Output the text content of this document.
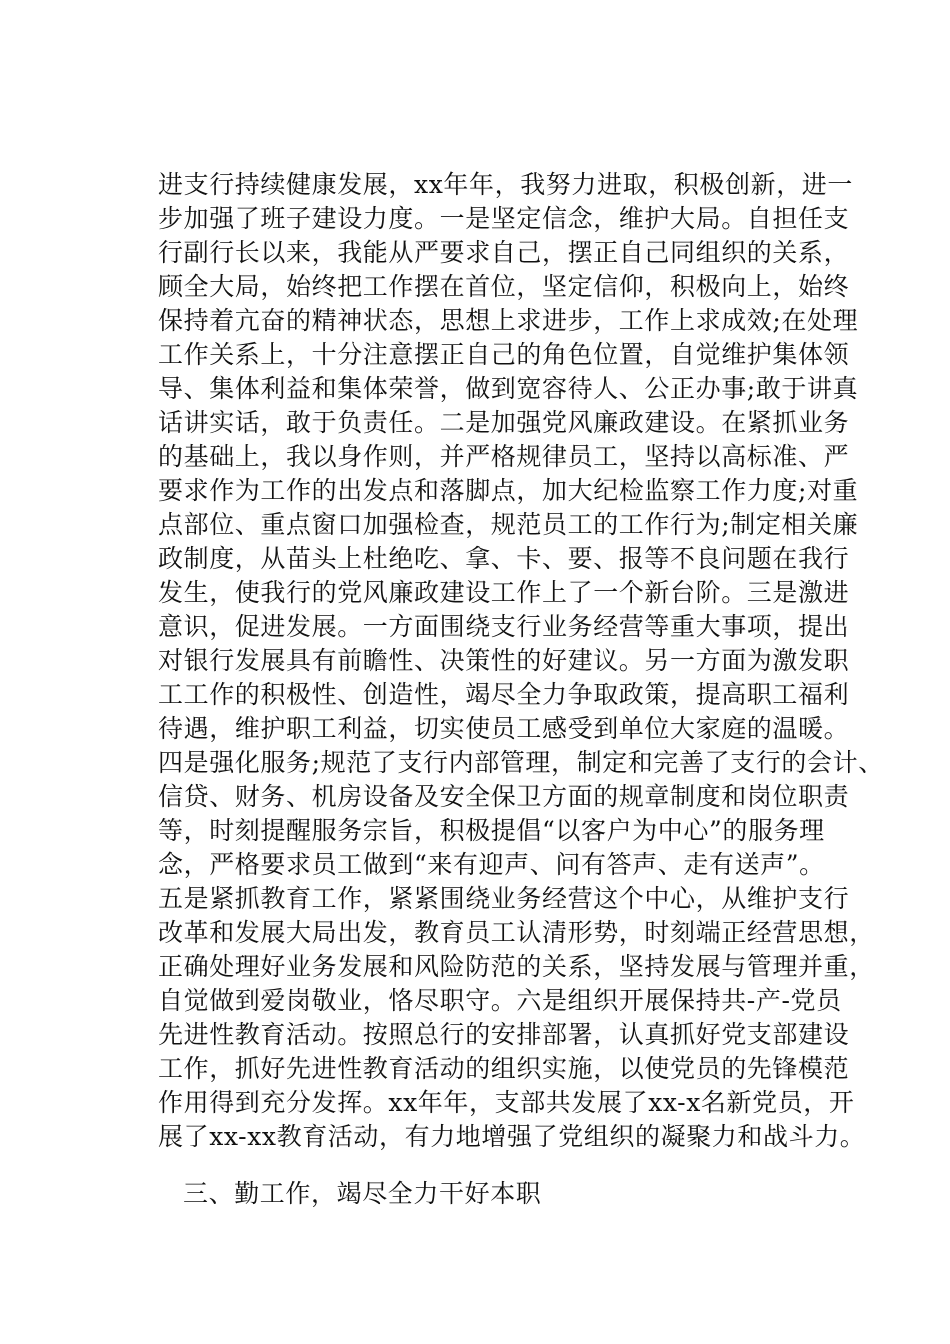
进支行持续健康发展，xx年年，我努力进取，积极创新，进一
步加强了班子建设力度。一是坚定信念，维护大局。自担任支
行副行长以来，我能从严要求自己，摆正自己同组织的关系，
顾全大局，始终把工作摆在首位，坚定信仰，积极向上，始终
保持着亢奋的精神状态，思想上求进步，工作上求成效;在处理
工作关系上，十分注意摆正自己的角色位置，自觉维护集体领
导、集体利益和集体荣誉，做到宽容待人、公正办事;敢于讲真
话讲实话，敢于负责任。二是加强党风廉政建设。在紧抓业务
的基础上，我以身作则，并严格规律员工，坚持以高标准、严
要求作为工作的出发点和落脚点，加大纪检监察工作力度;对重
点部位、重点窗口加强检查，规范员工的工作行为;制定相关廉
政制度，从苗头上杜绝吃、拿、卡、要、报等不良问题在我行
发生，使我行的党风廉政建设工作上了一个新台阶。三是激进
意识，促进发展。一方面围绕支行业务经营等重大事项，提出
对银行发展具有前瞻性、决策性的好建议。另一方面为激发职
工工作的积极性、创造性，竭尽全力争取政策，提高职工福利
待遇，维护职工利益，切实使员工感受到单位大家庭的温暖。
四是强化服务;规范了支行内部管理，制定和完善了支行的会计、
信贷、财务、机房设备及安全保卫方面的规章制度和岗位职责
等，时刻提醒服务宗旨，积极提倡“以客户为中心”的服务理
念，严格要求员工做到“来有迎声、问有答声、走有送声”。
五是紧抓教育工作，紧紧围绕业务经营这个中心，从维护支行
改革和发展大局出发，教育员工认清形势，时刻端正经营思想，
正确处理好业务发展和风险防范的关系，坚持发展与管理并重，
自觉做到爱岗敬业，恪尽职守。六是组织开展保持共-产-党员
先进性教育活动。按照总行的安排部署，认真抓好党支部建设
工作，抓好先进性教育活动的组织实施，以使党员的先锋模范
作用得到充分发挥。xx年年，支部共发展了xx-x名新党员，开
展了xx-xx教育活动，有力地增强了党组织的凝聚力和战斗力。
三、勤工作，竭尽全力干好本职
